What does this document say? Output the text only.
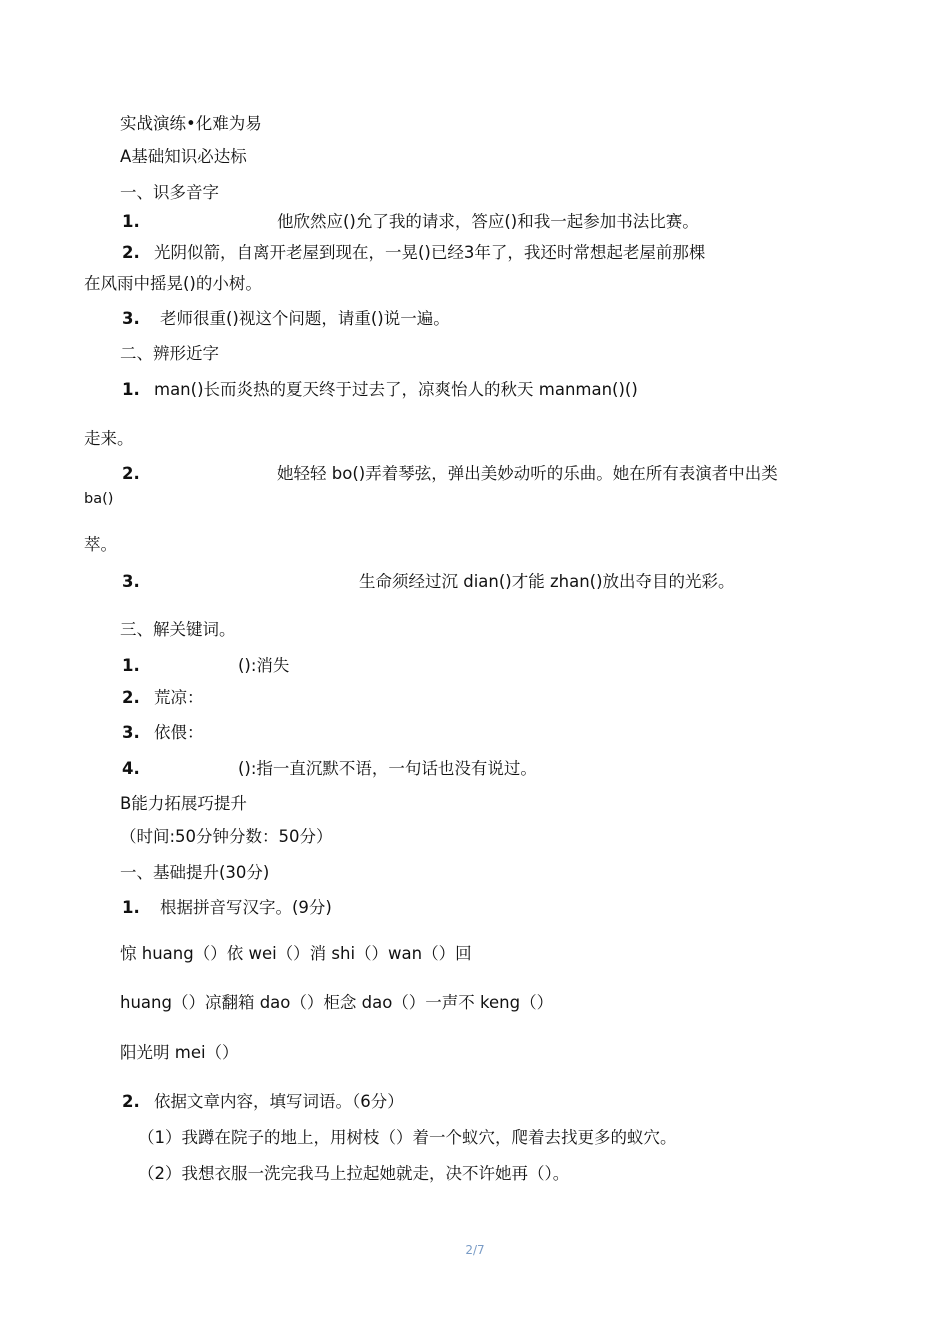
实战演练•化难为易
A基础知识必达标
一、识多音字
1.	他欣然应()允了我的请求，答应()和我一起参加书法比赛。
2. 光阴似箭，自离开老屋到现在，一晃()已经3年了，我还时常想起老屋前那棵
在风雨中摇晃()的小树。
3. 老师很重()视这个问题，请重()说一遍。
二、辨形近字
1. man()长而炎热的夏天终于过去了，凉爽怡人的秋天 manman()()
走来。
2.	她轻轻 bo()弄着琴弦，弹出美妙动听的乐曲。她在所有表演者中出类
ba()
萃。
3.	生命须经过沉 dian()才能 zhan()放出夺目的光彩。
三、解关键词。
1.	():消失
2. 荒凉：
3. 依偎：
4.	():指一直沉默不语，一句话也没有说过。
B能力拓展巧提升
（时间:50分钟分数：50分）
一、基础提升(30分)
1. 根据拼音写汉字。(9分)
惊 huang（）依 wei（）消 shi（）wan（）回
huang（）凉翻箱 dao（）柜念 dao（）一声不 keng（）
阳光明 mei（）
2. 依据文章内容，填写词语。（6分）
（1）我蹲在院子的地上，用树枝（）着一个蚁穴，爬着去找更多的蚁穴。
（2）我想衣服一洗完我马上拉起她就走，决不许她再（）。
2/7
